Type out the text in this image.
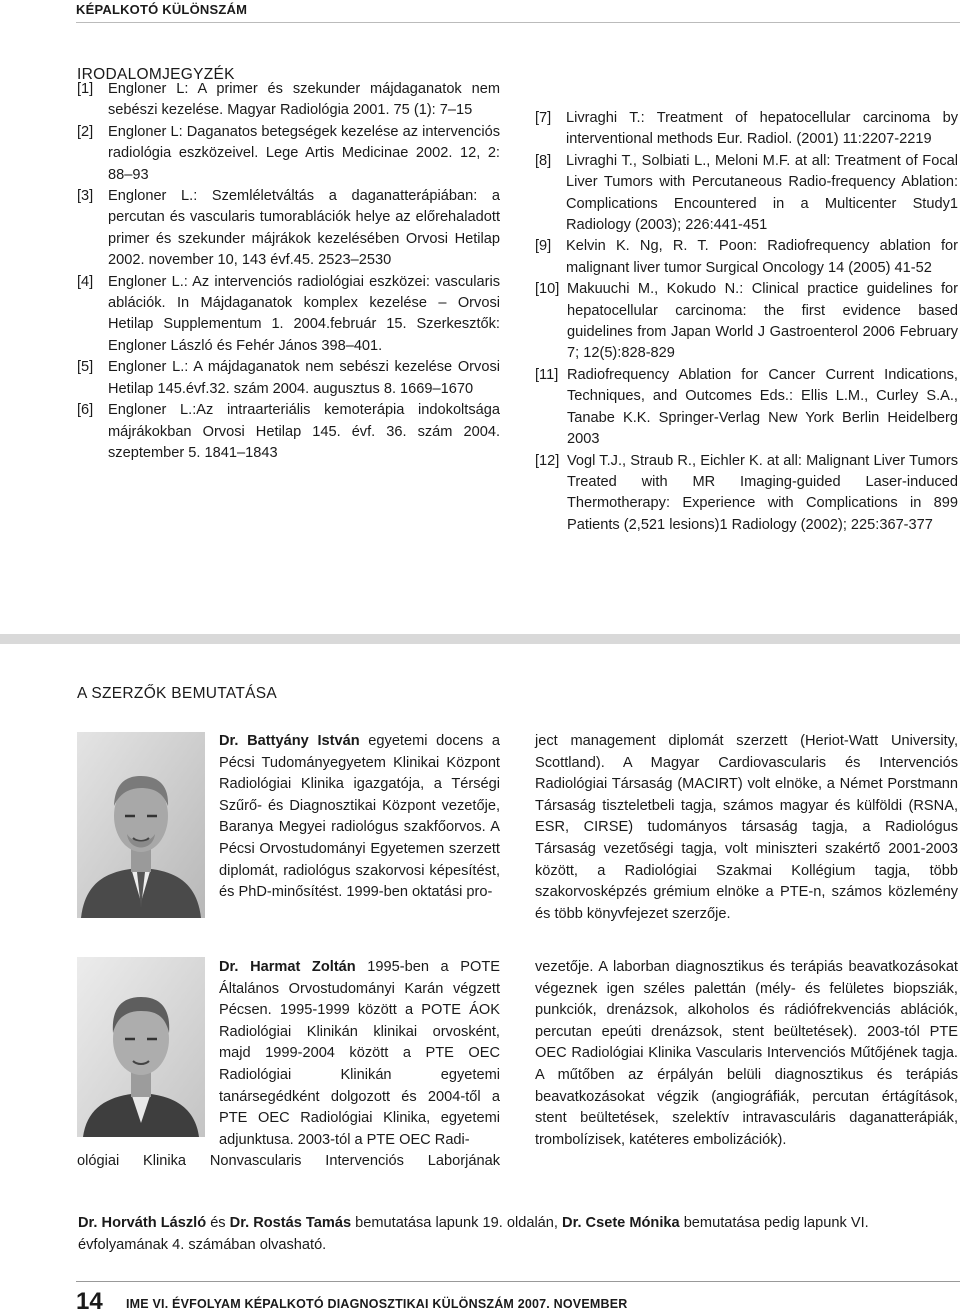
KÉPALKOTÓ KÜLÖNSZÁM
IRODALOMJEGYZÉK
[1]	Engloner L: A primer és szekunder májdaganatok nem sebészi kezelése. Magyar Radiológia 2001. 75 (1): 7–15
[2]	Engloner L: Daganatos betegségek kezelése az intervenciós radiológia eszközeivel. Lege Artis Medicinae 2002. 12, 2: 88–93
[3]	Engloner L.: Szemléletváltás a daganatterápiában: a percutan és vascularis tumorablációk helye az előrehaladott primer és szekunder májrákok kezelésében Orvosi Hetilap 2002. november 10, 143 évf.45. 2523–2530
[4]	Engloner L.: Az intervenciós radiológiai eszközei: vascularis ablációk. In Májdaganatok komplex kezelése – Orvosi Hetilap Supplementum 1. 2004.február 15. Szerkesztők: Engloner László és Fehér János 398–401.
[5]	Engloner L.: A májdaganatok nem sebészi kezelése Orvosi Hetilap 145.évf.32. szám 2004. augusztus 8. 1669–1670
[6]	Engloner L.:Az intraarteriális kemoterápia indokoltsága májrákokban Orvosi Hetilap 145. évf. 36. szám 2004. szeptember 5. 1841–1843
[7]	Livraghi T.: Treatment of hepatocellular carcinoma by interventional methods Eur. Radiol. (2001) 11:2207-2219
[8]	Livraghi T., Solbiati L., Meloni M.F. at all: Treatment of Focal Liver Tumors with Percutaneous Radio-frequency Ablation: Complications Encountered in a Multicenter Study1 Radiology (2003); 226:441-451
[9]	Kelvin K. Ng, R. T. Poon: Radiofrequency ablation for malignant liver tumor Surgical Oncology 14 (2005) 41-52
[10] Makuuchi M., Kokudo N.: Clinical practice guidelines for hepatocellular carcinoma: the first evidence based guidelines from Japan World J Gastroenterol 2006 February 7; 12(5):828-829
[11] Radiofrequency Ablation for Cancer Current Indications, Techniques, and Outcomes Eds.: Ellis L.M., Curley S.A., Tanabe K.K. Springer-Verlag New York Berlin Heidelberg 2003
[12] Vogl T.J., Straub R., Eichler K. at all: Malignant Liver Tumors Treated with MR Imaging-guided Laser-induced Thermotherapy: Experience with Complications in 899 Patients (2,521 lesions)1 Radiology (2002); 225:367-377
A SZERZŐK BEMUTATÁSA
Dr. Battyány István egyetemi docens a Pécsi Tudományegyetem Klinikai Központ Radiológiai Klinika igazgatója, a Térségi Szűrő- és Diagnosztikai Központ vezetője, Baranya Megyei radiológus szakfőorvos. A Pécsi Orvostudományi Egyetemen szerzett diplomát, radiológus szakorvosi képesítést, és PhD-minősítést. 1999-ben oktatási pro-
ject management diplomát szerzett (Heriot-Watt University, Scottland). A Magyar Cardiovascularis és Intervenciós Radiológiai Társaság (MACIRT) volt elnöke, a Német Porstmann Társaság tiszteletbeli tagja, számos magyar és külföldi (RSNA, ESR, CIRSE) tudományos társaság tagja, a Radiológus Társaság vezetőségi tagja, volt miniszteri szakértő 2001-2003 között, a Radiológiai Szakmai Kollégium tagja, több szakorvosképzés grémium elnöke a PTE-n, számos közlemény és több könyvfejezet szerzője.
Dr. Harmat Zoltán 1995-ben a POTE Általános Orvostudományi Karán végzett Pécsen. 1995-1999 között a POTE ÁOK Radiológiai Klinikán klinikai orvosként, majd 1999-2004 között a PTE OEC Radiológiai Klinikán egyetemi tanársegédként dolgozott és 2004-től a PTE OEC Radiológiai Klinika, egyetemi adjunktusa. 2003-tól a PTE OEC Radi-
ológiai Klinika Nonvascularis Intervenciós Laborjának
vezetője. A laborban diagnosztikus és terápiás beavatkozásokat végeznek igen széles palettán (mély- és felületes biopsziák, punkciók, drenázsok, alkoholos és rádiófrekvenciás ablációk, percutan epeúti drenázsok, stent beültetések). 2003-tól PTE OEC Radiológiai Klinika Vascularis Intervenciós Műtőjének tagja. A műtőben az érpályán belüli diagnosztikus és terápiás beavatkozásokat végzik (angiográfiák, percutan értágítások, stent beültetések, szelektív intravasculáris daganatterápiák, trombolízisek, katéteres embolizációk).
Dr. Horváth László és Dr. Rostás Tamás bemutatása lapunk 19. oldalán, Dr. Csete Mónika bemutatása pedig lapunk VI. évfolyamának 4. számában olvasható.
14 IME VI. ÉVFOLYAM KÉPALKOTÓ DIAGNOSZTIKAI KÜLÖNSZÁM 2007. NOVEMBER
